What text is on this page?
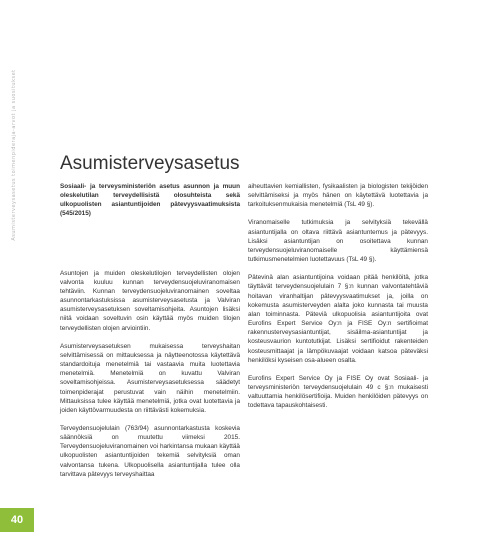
Asumisterveysasetus toimenpideraja-arvot ja suositukset Asumisterveysasetus

Sosiaali- ja terveysministeriön asetus asunnon ja muun oleskelutilan terveydellisistä olosuhteista sekä ulkopuolisten asiantuntijoiden pätevyysvaatimuksista (545/2015)

Asuntojen ja muiden oleskelutilojen terveydellisten olojen valvonta kuuluu kunnan terveydensuojeluviranomaisen tehtäviin. Kunnan terveydensuojeluviranomainen soveltaa asunnontarkastuksissa asumisterveysasetusta ja Valviran asumisterveysasetuksen soveltamisohjeita. Asuntojen lisäksi niitä voidaan soveltuvin osin käyttää myös muiden tilojen terveydellisten olojen arviointiin.

Asumisterveysasetuksen mukaisessa terveyshaitan selvittämisessä on mittauksessa ja näytteenotossa käytettävä standardoituja menetelmiä tai vastaavia muita luotettavia menetelmiä. Menetelmiä on kuvattu Valviran soveltamisohjeissa. Asumisterveysasetuksessa säädetyt toimenpiderajat perustuvat vain näihin menetelmiin. Mittauksissa tulee käyttää menetelmiä, jotka ovat luotettavia ja joiden käyttövarmuudesta on riittävästi kokemuksia.

Terveydensuojelulain (763/94) asunnontarkastusta koskevia säännöksiä on muutettu viimeksi 2015. Terveydensuojeluviranomainen voi harkintansa mukaan käyttää ulkopuolisten asiantuntijoiden tekemiä selvityksiä oman valvontansa tukena. Ulkopuolisella asiantuntijalla tulee olla tarvittava pätevyys terveyshaittaa

aiheuttavien kemiallisten, fysikaalisten ja biologisten tekijöiden selvittämiseksi ja myös hänen on käytettävä luotettavia ja tarkoituksenmukaisia menetelmiä (TsL 49 §).

Viranomaiselle tutkimuksia ja selvityksiä tekevällä asiantuntijalla on oltava riittävä asiantuntemus ja pätevyys. Lisäksi asiantuntijan on osoitettava kunnan terveydensuojeluviranomaiselle käyttämiensä tutkimusmenetelmien luotettavuus (TsL 49 §).

Pätevinä alan asiantuntijoina voidaan pitää henkilöitä, jotka täyttävät terveydensuojelulain 7 §:n kunnan valvontatehtäviä hoitavan viranhaltijan pätevyysvaatimukset ja, joilla on kokemusta asumisterveyden alalta joko kunnasta tai muusta alan toiminnasta. Päteviä ulkopuolisia asiantuntijoita ovat Eurofins Expert Service Oy:n ja FISE Oy:n sertifioimat rakennusterveysasiantuntijat, sisäilma-asiantuntijat ja kosteusvaurion kuntotutkijat. Lisäksi sertifioidut rakenteiden kosteusmittaajat ja lämpökuvaajat voidaan katsoa päteväksi henkilöksi kyseisen osa-alueen osalta.

Eurofins Expert Service Oy ja FISE Oy ovat Sosiaali- ja terveysministeriön terveydensuojelulain 49 c §:n mukaisesti valtuuttamia henkilösertifioija. Muiden henkilöiden pätevyys on todettava tapauskohtaisesti.

40
